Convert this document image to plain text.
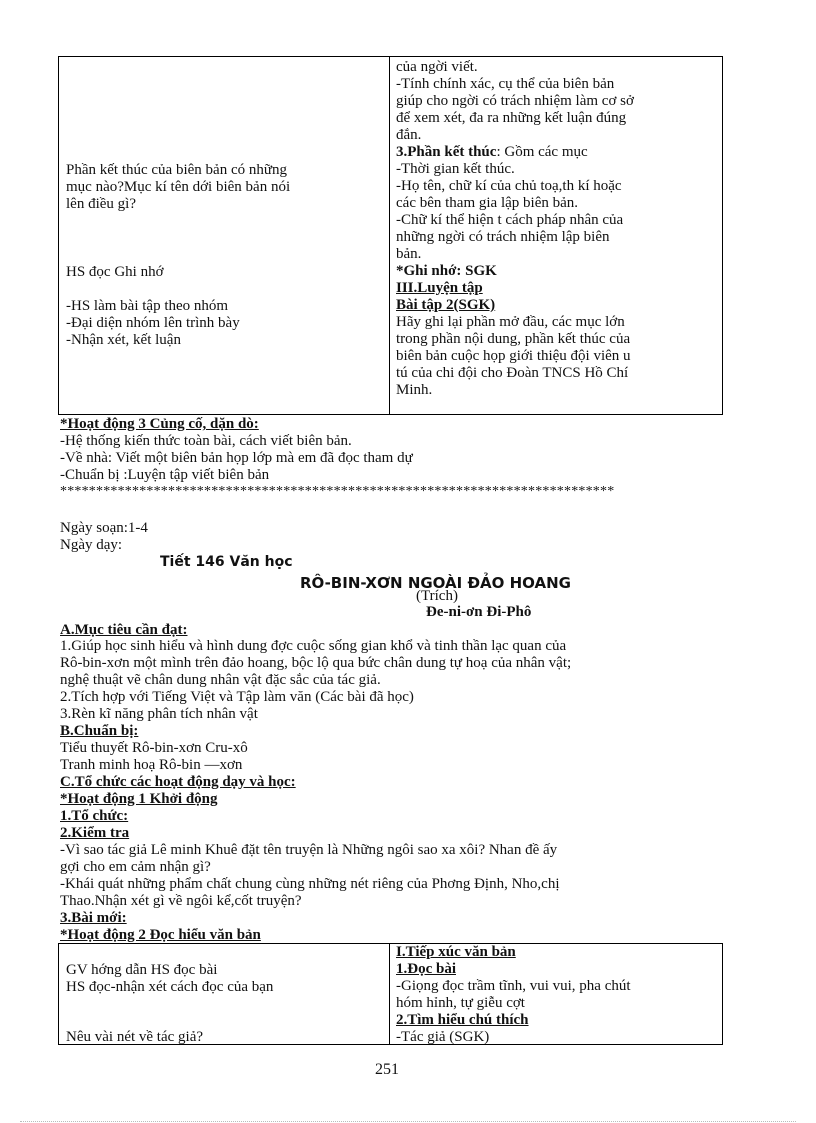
Phần kết thúc của biên bản có những
mục nào?Mục kí tên dới biên bản nói
lên điều gì?
HS đọc Ghi nhớ
-HS làm bài tập theo nhóm
-Đại diện nhóm lên trình bày
-Nhận xét, kết luận
của ngời viết.
-Tính chính xác, cụ thể của biên bản
giúp cho ngời có trách nhiệm làm cơ sở
để xem xét, đa ra những kết luận đúng
đắn.
3.Phần kết thúc: Gồm các mục
-Thời gian kết thúc.
-Họ tên, chữ kí của chủ toạ,th kí hoặc
các bên tham gia lập biên bản.
-Chữ kí thể hiện t cách pháp nhân của
những ngời có trách nhiệm lập biên
bản.
*Ghi nhớ: SGK
III.Luyện tập
Bài tập 2(SGK)
Hãy ghi lại phần mở đầu, các mục lớn
trong phần nội dung, phần kết thúc của
biên bản cuộc họp giới thiệu đội viên u
tú của chi đội cho Đoàn TNCS Hồ Chí
Minh.
*Hoạt động 3 Củng cố, dặn dò:
-Hệ thống kiến thức toàn bài, cách viết biên bản.
-Về nhà: Viết một biên bản họp lớp mà em đã đọc tham dự
-Chuẩn bị :Luyện tập viết biên bản
*****************************************************************************
Ngày soạn:1-4
Ngày dạy:
Tiết 146 Văn học
RÔ-BIN-XƠN NGOÀI ĐẢO HOANG
(Trích)
Đe-ni-ơn Đi-Phô
A.Mục tiêu cần đạt:
1.Giúp học sinh hiểu và hình dung đợc cuộc sống gian khổ và tinh thần lạc quan của
Rô-bin-xơn một mình trên đảo hoang, bộc lộ qua bức chân dung tự hoạ của nhân vật;
nghệ thuật vẽ chân dung nhân vật đặc sắc của tác giả.
2.Tích hợp với Tiếng Việt và Tập làm văn (Các bài đã học)
3.Rèn kĩ năng phân tích nhân vật
B.Chuẩn bị:
Tiểu thuyết Rô-bin-xơn Cru-xô
Tranh minh hoạ Rô-bin —xơn
C.Tổ chức các hoạt động dạy và học:
*Hoạt động 1 Khởi động
1.Tổ chức:
2.Kiểm tra
-Vì sao tác giả Lê minh Khuê đặt tên truyện là Những ngôi sao xa xôi? Nhan đề ấy
gợi cho em cảm nhận gì?
-Khái quát những phẩm chất chung cùng những nét riêng của Phơng Định, Nho,chị
Thao.Nhận xét gì về ngôi kể,cốt truyện?
3.Bài mới:
*Hoạt động 2 Đọc hiểu văn bản
GV hớng dẫn HS đọc bài
HS đọc-nhận xét cách đọc của bạn
Nêu vài nét về tác giả?
I.Tiếp xúc văn bản
1.Đọc bài
-Giọng đọc trầm tĩnh, vui vui, pha chút
hóm hỉnh, tự giễu cợt
2.Tìm hiểu chú thích
-Tác giả (SGK)
251
